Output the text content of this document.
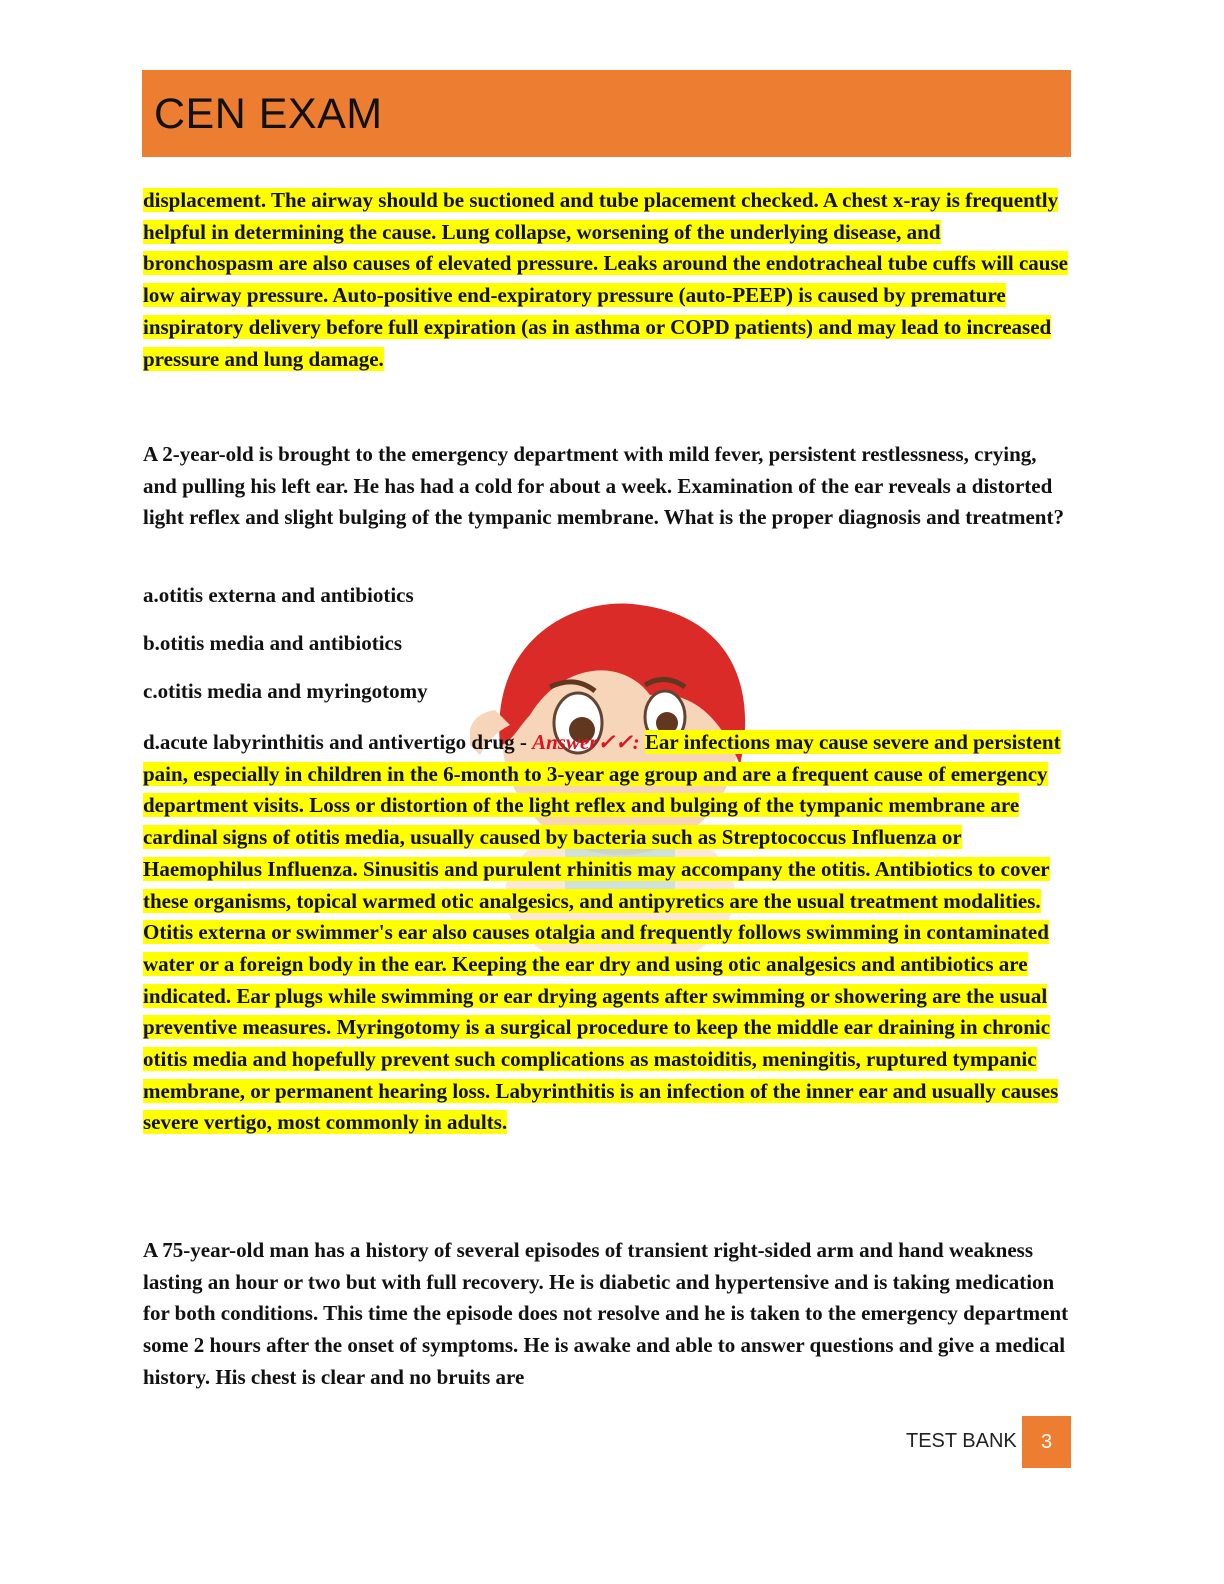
CEN EXAM

displacement. The airway should be suctioned and tube placement checked. A chest x-ray is frequently helpful in determining the cause. Lung collapse, worsening of the underlying disease, and bronchospasm are also causes of elevated pressure. Leaks around the endotracheal tube cuffs will cause low airway pressure. Auto-positive end-expiratory pressure (auto-PEEP) is caused by premature inspiratory delivery before full expiration (as in asthma or COPD patients) and may lead to increased pressure and lung damage.

A 2-year-old is brought to the emergency department with mild fever, persistent restlessness, crying, and pulling his left ear. He has had a cold for about a week. Examination of the ear reveals a distorted light reflex and slight bulging of the tympanic membrane. What is the proper diagnosis and treatment?

a.otitis externa and antibiotics

b.otitis media and antibiotics

c.otitis media and myringotomy

d.acute labyrinthitis and antivertigo drug - Answer✓✓: Ear infections may cause severe and persistent pain, especially in children in the 6-month to 3-year age group and are a frequent cause of emergency department visits. Loss or distortion of the light reflex and bulging of the tympanic membrane are cardinal signs of otitis media, usually caused by bacteria such as Streptococcus Influenza or Haemophilus Influenza. Sinusitis and purulent rhinitis may accompany the otitis. Antibiotics to cover these organisms, topical warmed otic analgesics, and antipyretics are the usual treatment modalities. Otitis externa or swimmer's ear also causes otalgia and frequently follows swimming in contaminated water or a foreign body in the ear. Keeping the ear dry and using otic analgesics and antibiotics are indicated. Ear plugs while swimming or ear drying agents after swimming or showering are the usual preventive measures. Myringotomy is a surgical procedure to keep the middle ear draining in chronic otitis media and hopefully prevent such complications as mastoiditis, meningitis, ruptured tympanic membrane, or permanent hearing loss. Labyrinthitis is an infection of the inner ear and usually causes severe vertigo, most commonly in adults.

A 75-year-old man has a history of several episodes of transient right-sided arm and hand weakness lasting an hour or two but with full recovery. He is diabetic and hypertensive and is taking medication for both conditions. This time the episode does not resolve and he is taken to the emergency department some 2 hours after the onset of symptoms. He is awake and able to answer questions and give a medical history. His chest is clear and no bruits are

TEST BANK	3
